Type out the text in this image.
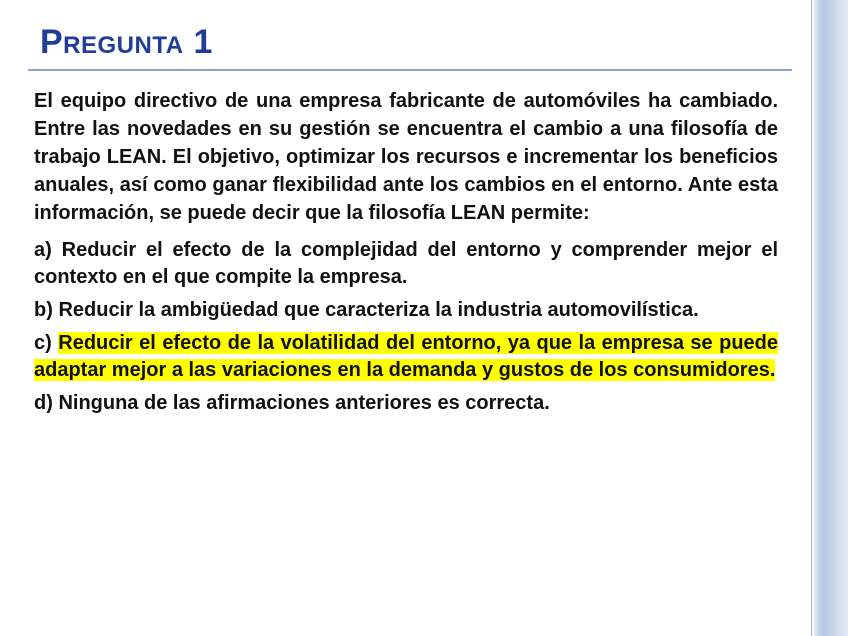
Pregunta 1

El equipo directivo de una empresa fabricante de automóviles ha cambiado. Entre las novedades en su gestión se encuentra el cambio a una filosofía de trabajo LEAN. El objetivo, optimizar los recursos e incrementar los beneficios anuales, así como ganar flexibilidad ante los cambios en el entorno. Ante esta información, se puede decir que la filosofía LEAN permite:

a) Reducir el efecto de la complejidad del entorno y comprender mejor el contexto en el que compite la empresa.

b) Reducir la ambigüedad que caracteriza la industria automovilística.

c) Reducir el efecto de la volatilidad del entorno, ya que la empresa se puede adaptar mejor a las variaciones en la demanda y gustos de los consumidores.

d) Ninguna de las afirmaciones anteriores es correcta.
